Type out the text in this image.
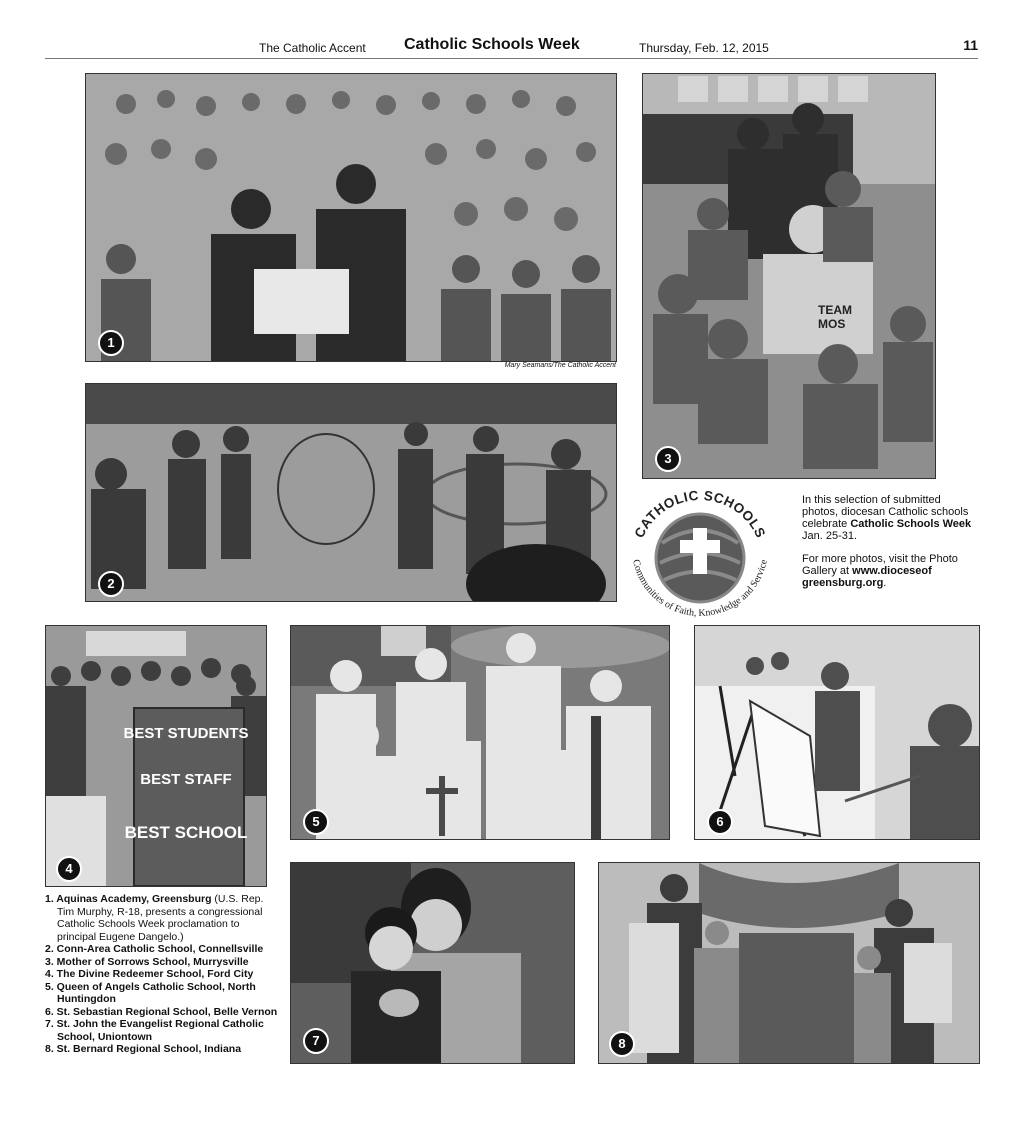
The Catholic Accent Catholic Schools Week	Thursday, Feb. 12, 2015	11
1
Mary Seamans/The Catholic Accent
2
TEAM
MOS
3
CATHOLIC SCHOOLS
Communities of Faith, Knowledge and Service

In this selection of submitted photos, diocesan Catholic schools celebrate Catholic Schools Week Jan. 25-31.

For more photos, visit the Photo Gallery at www.dioceseof greensburg.org.

BEST STUDENTS
BEST STAFF
BEST SCHOOL
4

1. Aquinas Academy, Greensburg (U.S. Rep. Tim Murphy, R-18, presents a congressional Catholic Schools Week proclamation to principal Eugene Dangelo.)

2. Conn-Area Catholic School, Connellsville

3. Mother of Sorrows School, Murrysville

4. The Divine Redeemer School, Ford City

5. Queen of Angels Catholic School, North Huntingdon

6. St. Sebastian Regional School, Belle Vernon

7. St. John the Evangelist Regional Catholic School, Uniontown

8. St. Bernard Regional School, Indiana

5	6
7	8
